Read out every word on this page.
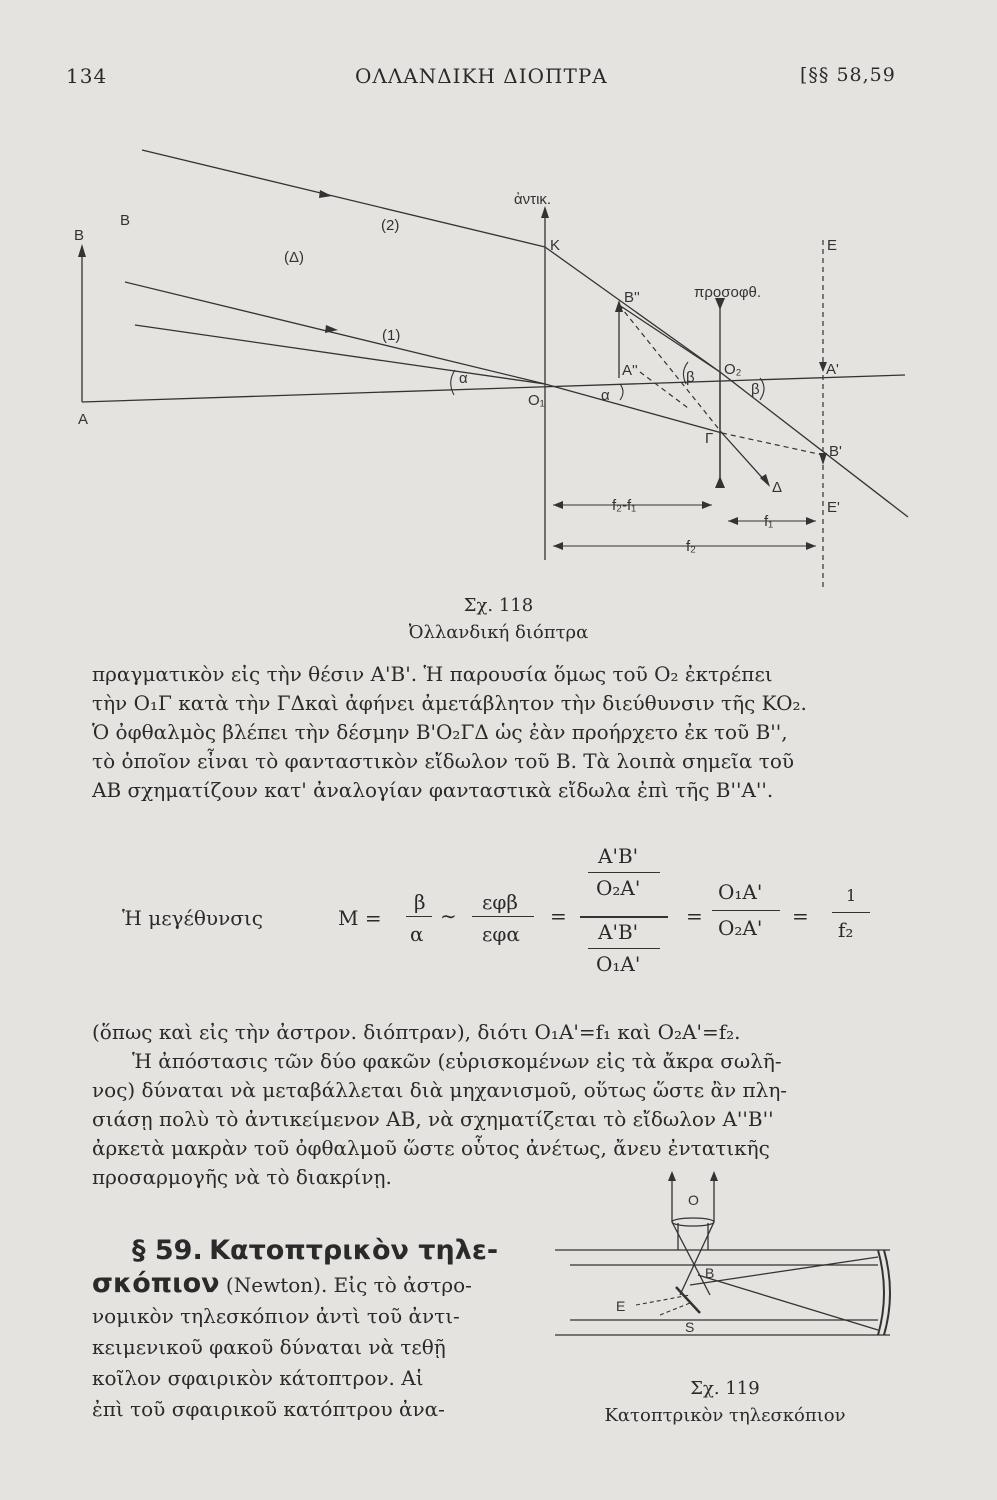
134	ΟΛΛΑΝΔΙΚΗ ΔΙΟΠΤΡΑ	[§§ 58,59
B
B
A
(Δ)
(2)
(1)
ἀντικ.
K	E
B''	προσοφθ.
A''	β O₂	A'
β
α
O₁	α
Γ
B'
Δ
f₂-f₁
f₁
E'
f₂
Σχ. 118
Ὀλλανδική διόπτρα

πραγματικὸν εἰς τὴν θέσιν A'B'. Ἡ παρουσία ὅμως τοῦ O₂ ἐκτρέπει

τὴν O₁Γ κατὰ τὴν ΓΔκαὶ ἀφήνει ἀμετάβλητον τὴν διεύθυνσιν τῆς KO₂.

Ὁ ὀφθαλμὸς βλέπει τὴν δέσμην B'O₂ΓΔ ὡς ἐὰν προήρχετο ἐκ τοῦ B'',

τὸ ὁποῖον εἶναι τὸ φανταστικὸν εἴδωλον τοῦ B. Τὰ λοιπὰ σημεῖα τοῦ

AB σχηματίζουν κατ' ἀναλογίαν φανταστικὰ εἴδωλα ἐπὶ τῆς B''A''.

Ἡ μεγέθυνσις	M =
β
α
∼
εφβ
εφα
=
A'B'
O₂A'
A'B'
O₁A'
=
O₁A'
O₂A' =
1
f₂

(ὅπως καὶ εἰς τὴν ἀστρον. διόπτραν), διότι O₁A'=f₁ καὶ O₂A'=f₂.

Ἡ ἀπόστασις τῶν δύο φακῶν (εὑρισκομένων εἰς τὰ ἄκρα σωλῆ-

νος) δύναται νὰ μεταβάλλεται διὰ μηχανισμοῦ, οὕτως ὥστε ἂν πλη-

σιάσῃ πολὺ τὸ ἀντικείμενον AB, νὰ σχηματίζεται τὸ εἴδωλον A''B''

ἀρκετὰ μακρὰν τοῦ ὀφθαλμοῦ ὥστε οὗτος ἀνέτως, ἄνευ ἐντατικῆς

προσαρμογῆς νὰ τὸ διακρίνῃ.

§ 59. Κατοπτρικὸν τηλε-

σκόπιον (Newton). Εἰς τὸ ἀστρο-

νομικὸν τηλεσκόπιον ἀντὶ τοῦ ἀντι-

κειμενικοῦ φακοῦ δύναται νὰ τεθῇ

κοῖλον σφαιρικὸν κάτοπτρον. Αἱ

ἐπὶ τοῦ σφαιρικοῦ κατόπτρου ἀνα-

O
B
E
S
Σχ. 119
Κατοπτρικὸν τηλεσκόπιον
